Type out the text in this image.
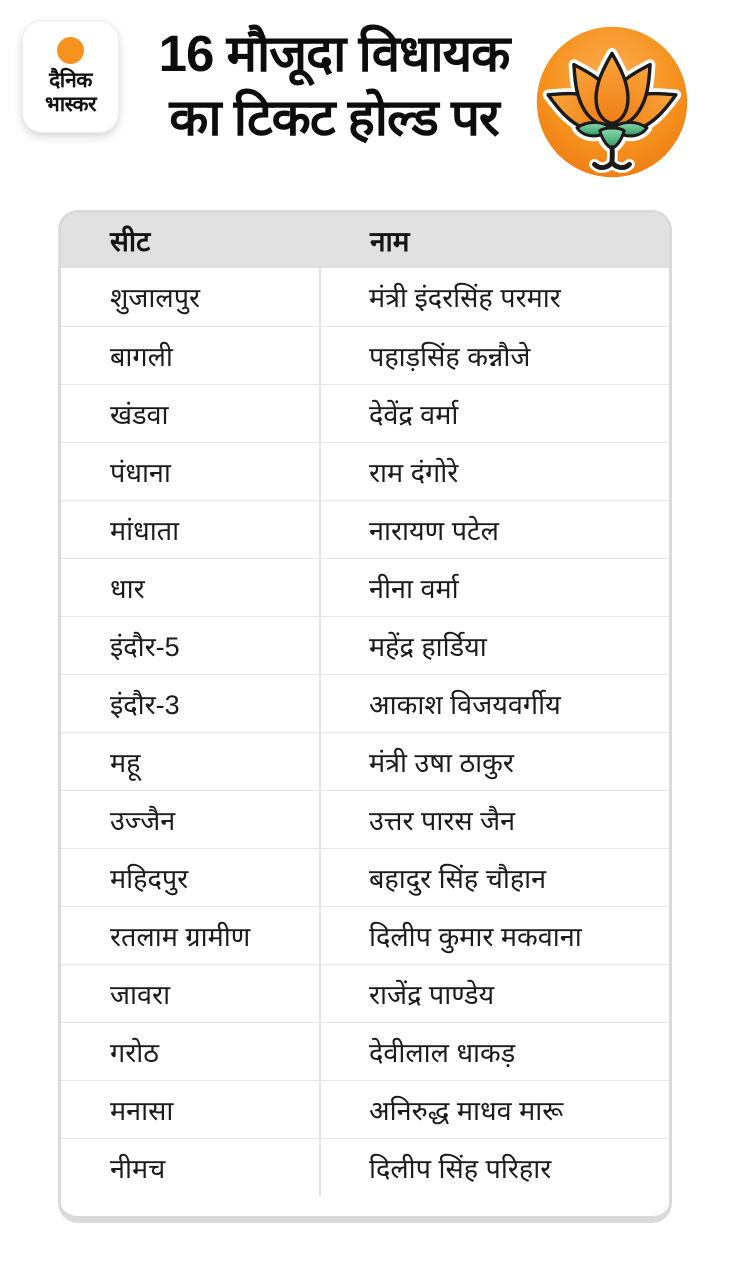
दैनिक
भास्कर
16 मौजूदा विधायक
का टिकट होल्ड पर
सीट	नाम
शुजालपुर	मंत्री इंदरसिंह परमार
बागली	पहाड़सिंह कन्नौजे
खंडवा	देवेंद्र वर्मा
पंधाना	राम दंगोरे
मांधाता	नारायण पटेल
धार	नीना वर्मा
इंदौर-5	महेंद्र हार्डिया
इंदौर-3	आकाश विजयवर्गीय
महू	मंत्री उषा ठाकुर
उज्जैन	उत्तर पारस जैन
महिदपुर	बहादुर सिंह चौहान
रतलाम ग्रामीण	दिलीप कुमार मकवाना
जावरा	राजेंद्र पाण्डेय
गरोठ	देवीलाल धाकड़
मनासा	अनिरुद्ध माधव मारू
नीमच	दिलीप सिंह परिहार
